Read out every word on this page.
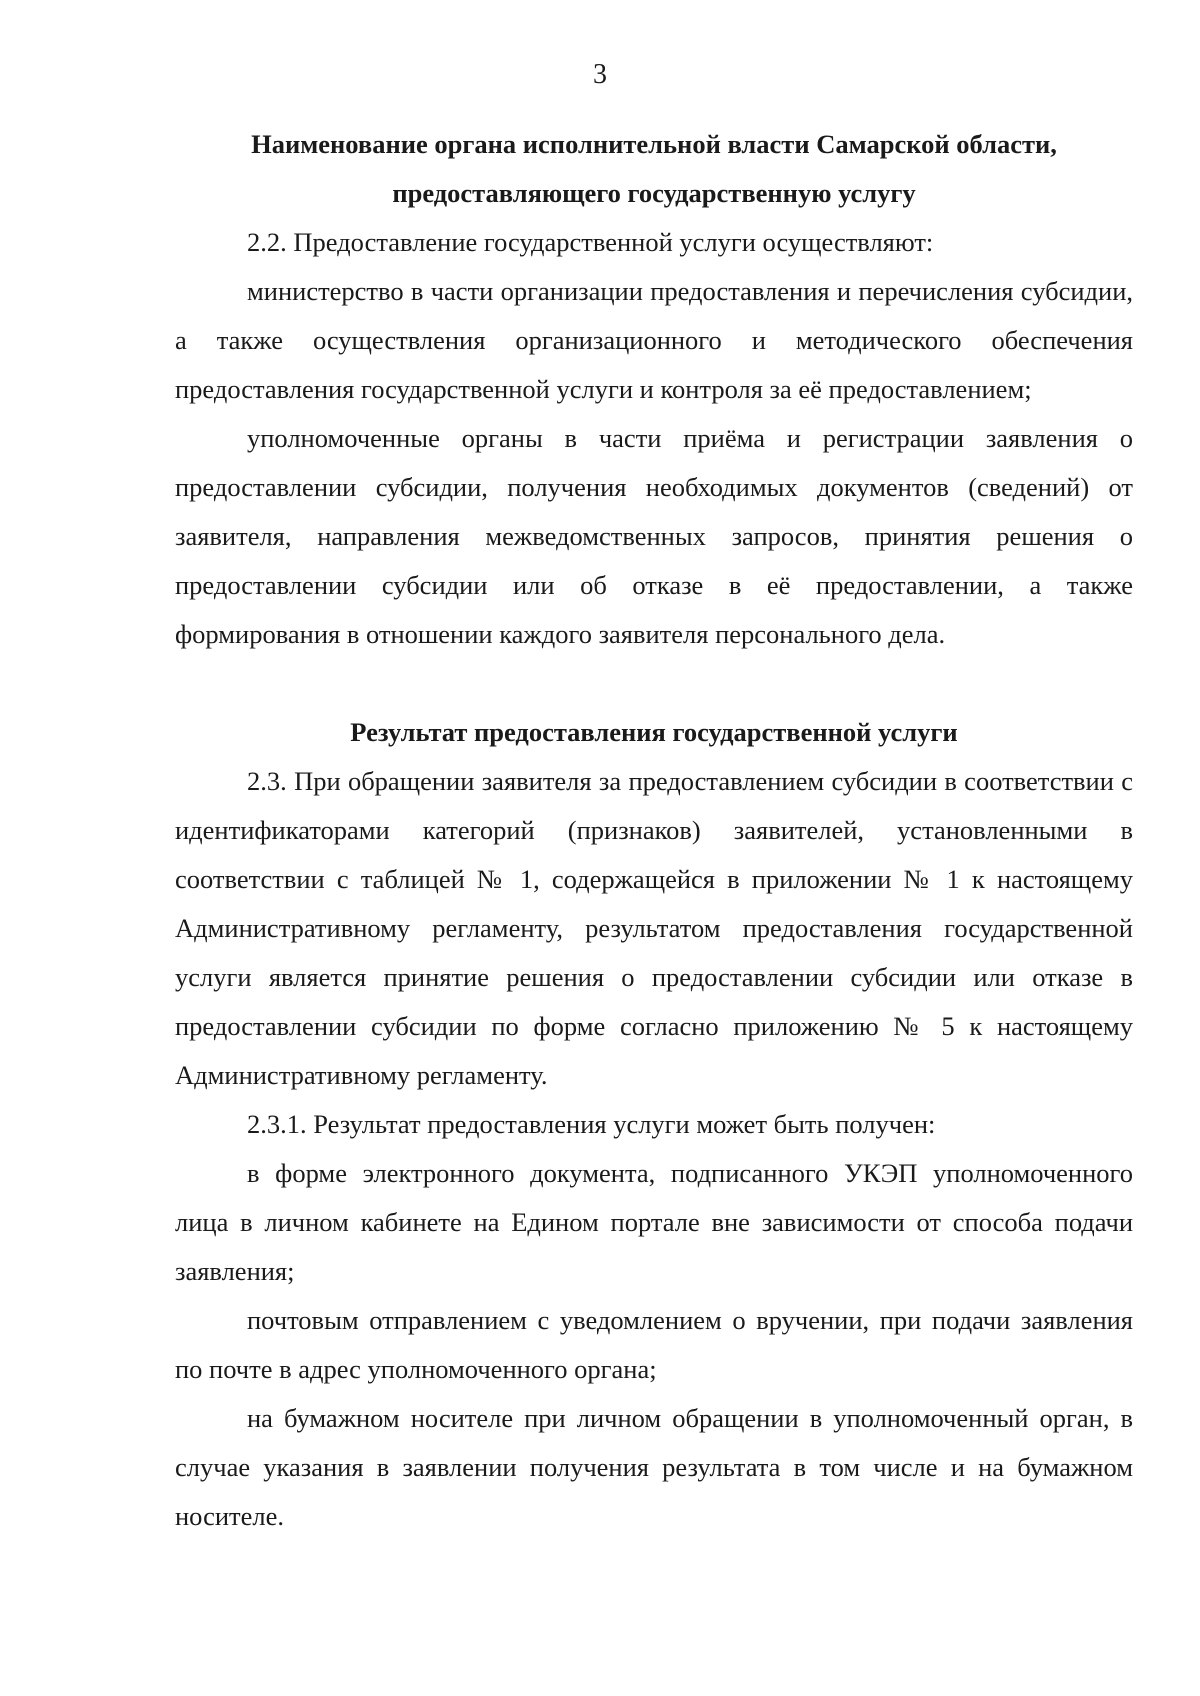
3

Наименование органа исполнительной власти Самарской области,
предоставляющего государственную услугу

2.2. Предоставление государственной услуги осуществляют:

министерство в части организации предоставления и перечисления субсидии, а также осуществления организационного и методического обеспечения предоставления государственной услуги и контроля за её предоставлением;

уполномоченные органы в части приёма и регистрации заявления о предоставлении субсидии, получения необходимых документов (сведений) от заявителя, направления межведомственных запросов, принятия решения о предоставлении субсидии или об отказе в её предоставлении, а также формирования в отношении каждого заявителя персонального дела.

Результат предоставления государственной услуги

2.3. При обращении заявителя за предоставлением субсидии в соответствии с идентификаторами категорий (признаков) заявителей, установленными в соответствии с таблицей № 1, содержащейся в приложении № 1 к настоящему Административному регламенту, результатом предоставления государственной услуги является принятие решения о предоставлении субсидии или отказе в предоставлении субсидии по форме согласно приложению № 5 к настоящему Административному регламенту.

2.3.1. Результат предоставления услуги может быть получен:

в форме электронного документа, подписанного УКЭП уполномоченного лица в личном кабинете на Едином портале вне зависимости от способа подачи заявления;

почтовым отправлением с уведомлением о вручении, при подачи заявления по почте в адрес уполномоченного органа;

на бумажном носителе при личном обращении в уполномоченный орган, в случае указания в заявлении получения результата в том числе и на бумажном носителе.
